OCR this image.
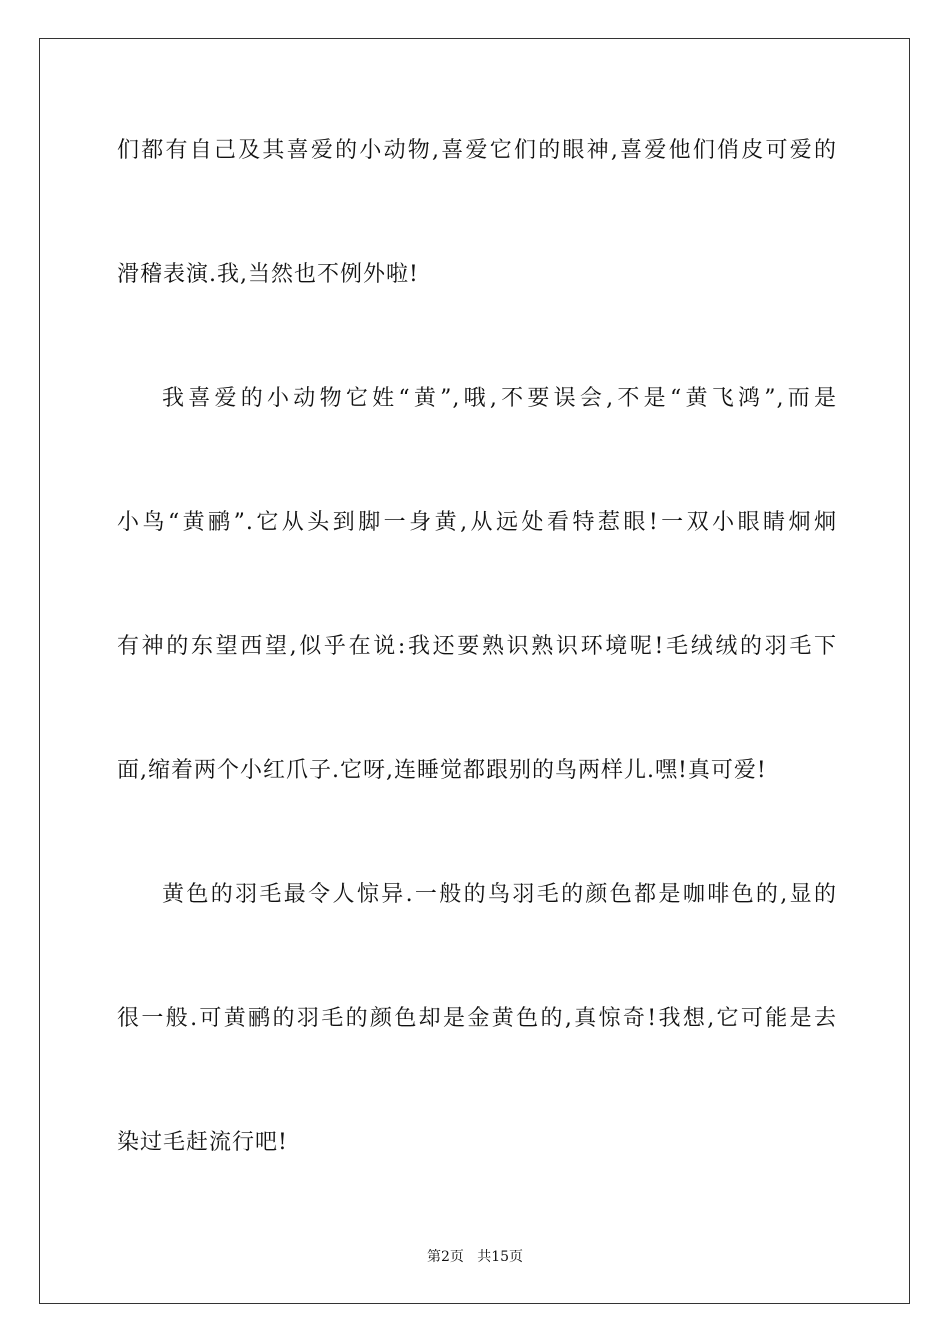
们都有自己及其喜爱的小动物,喜爱它们的眼神,喜爱他们俏皮可爱的
滑稽表演.我,当然也不例外啦!
我喜爱的小动物它姓“黄”,哦,不要误会,不是“黄飞鸿”,而是
小鸟“黄鹂”.它从头到脚一身黄,从远处看特惹眼!一双小眼睛炯炯
有神的东望西望,似乎在说:我还要熟识熟识环境呢!毛绒绒的羽毛下
面,缩着两个小红爪子.它呀,连睡觉都跟别的鸟两样儿.嘿!真可爱!
黄色的羽毛最令人惊异.一般的鸟羽毛的颜色都是咖啡色的,显的
很一般.可黄鹂的羽毛的颜色却是金黄色的,真惊奇!我想,它可能是去
染过毛赶流行吧!
第2页   共15页
